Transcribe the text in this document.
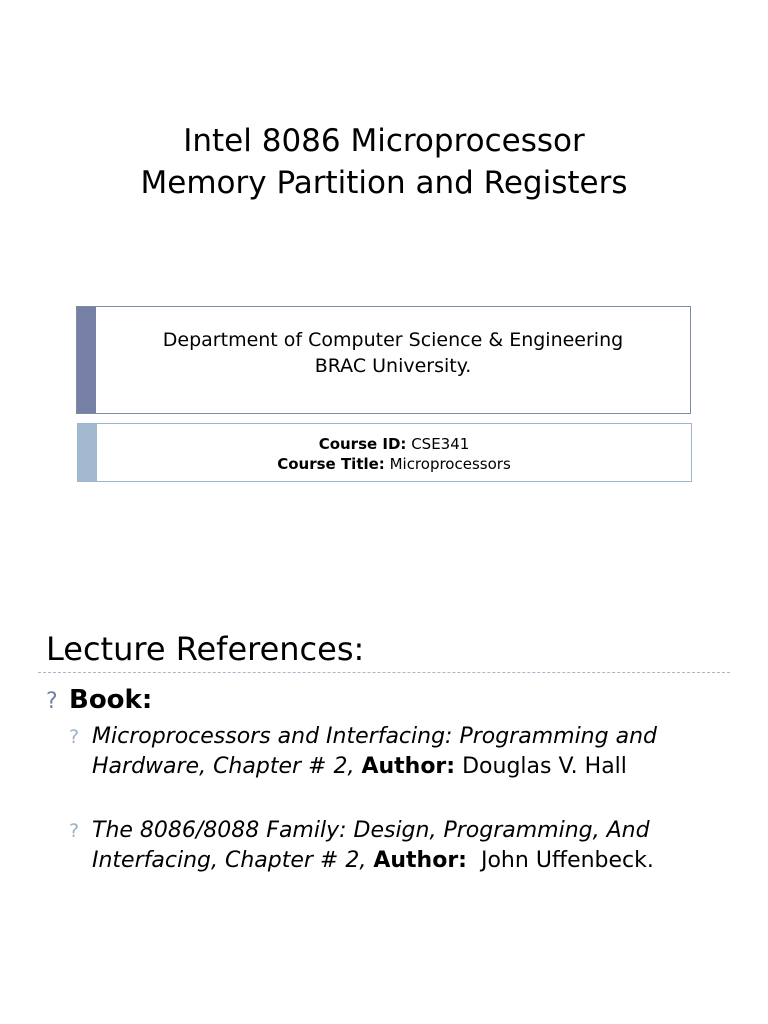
Intel 8086 Microprocessor
Memory Partition and Registers
Department of Computer Science & Engineering
BRAC University.
Course ID: CSE341
Course Title: Microprocessors
Lecture References:
? Book:
? Microprocessors and Interfacing: Programming and Hardware, Chapter # 2, Author: Douglas V. Hall
? The 8086/8088 Family: Design, Programming, And Interfacing, Chapter # 2, Author: John Uffenbeck.
